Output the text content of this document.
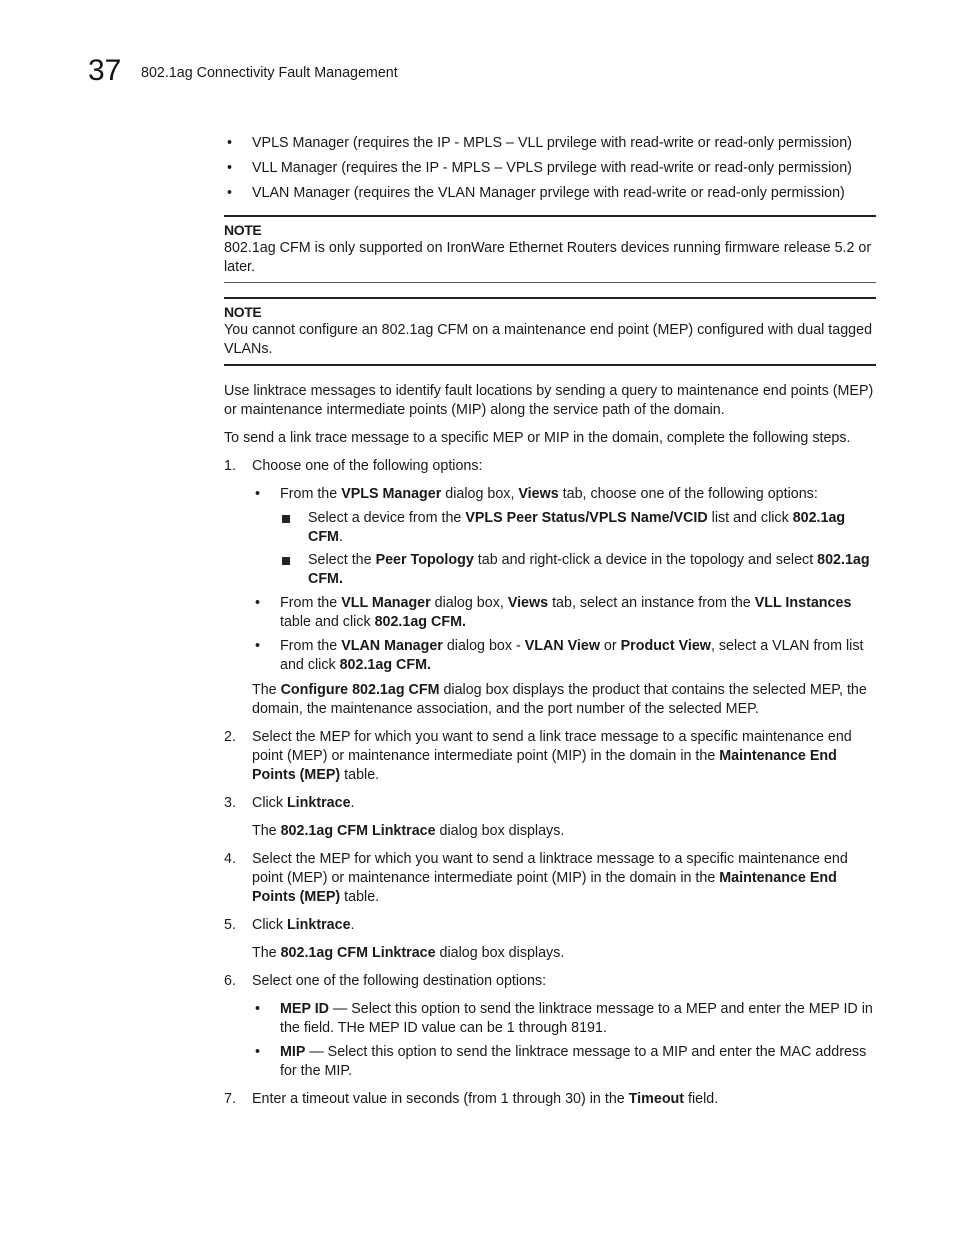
37 802.1ag Connectivity Fault Management
• VPLS Manager (requires the IP - MPLS – VLL prvilege with read-write or read-only permission)
• VLL Manager (requires the IP - MPLS – VPLS prvilege with read-write or read-only permission)
• VLAN Manager (requires the VLAN Manager prvilege with read-write or read-only permission)
NOTE
802.1ag CFM is only supported on IronWare Ethernet Routers devices running firmware release 5.2 or later.
NOTE
You cannot configure an 802.1ag CFM on a maintenance end point (MEP) configured with dual tagged VLANs.

Use linktrace messages to identify fault locations by sending a query to maintenance end points (MEP) or maintenance intermediate points (MIP) along the service path of the domain.

To send a link trace message to a specific MEP or MIP in the domain, complete the following steps.

1. Choose one of the following options:

• From the VPLS Manager dialog box, Views tab, choose one of the following options:
Select a device from the VPLS Peer Status/VPLS Name/VCID list and click 802.1ag CFM.
Select the Peer Topology tab and right-click a device in the topology and select 802.1ag CFM.
• From the VLL Manager dialog box, Views tab, select an instance from the VLL Instances table and click 802.1ag CFM.
• From the VLAN Manager dialog box - VLAN View or Product View, select a VLAN from list and click 802.1ag CFM.

The Configure 802.1ag CFM dialog box displays the product that contains the selected MEP, the domain, the maintenance association, and the port number of the selected MEP.

2. Select the MEP for which you want to send a link trace message to a specific maintenance end point (MEP) or maintenance intermediate point (MIP) in the domain in the Maintenance End Points (MEP) table.
3. Click Linktrace.

The 802.1ag CFM Linktrace dialog box displays.

4. Select the MEP for which you want to send a linktrace message to a specific maintenance end point (MEP) or maintenance intermediate point (MIP) in the domain in the Maintenance End Points (MEP) table.
5. Click Linktrace.

The 802.1ag CFM Linktrace dialog box displays.

6. Select one of the following destination options:

• MEP ID — Select this option to send the linktrace message to a MEP and enter the MEP ID in the field. THe MEP ID value can be 1 through 8191.
• MIP — Select this option to send the linktrace message to a MIP and enter the MAC address for the MIP.
7. Enter a timeout value in seconds (from 1 through 30) in the Timeout field.
